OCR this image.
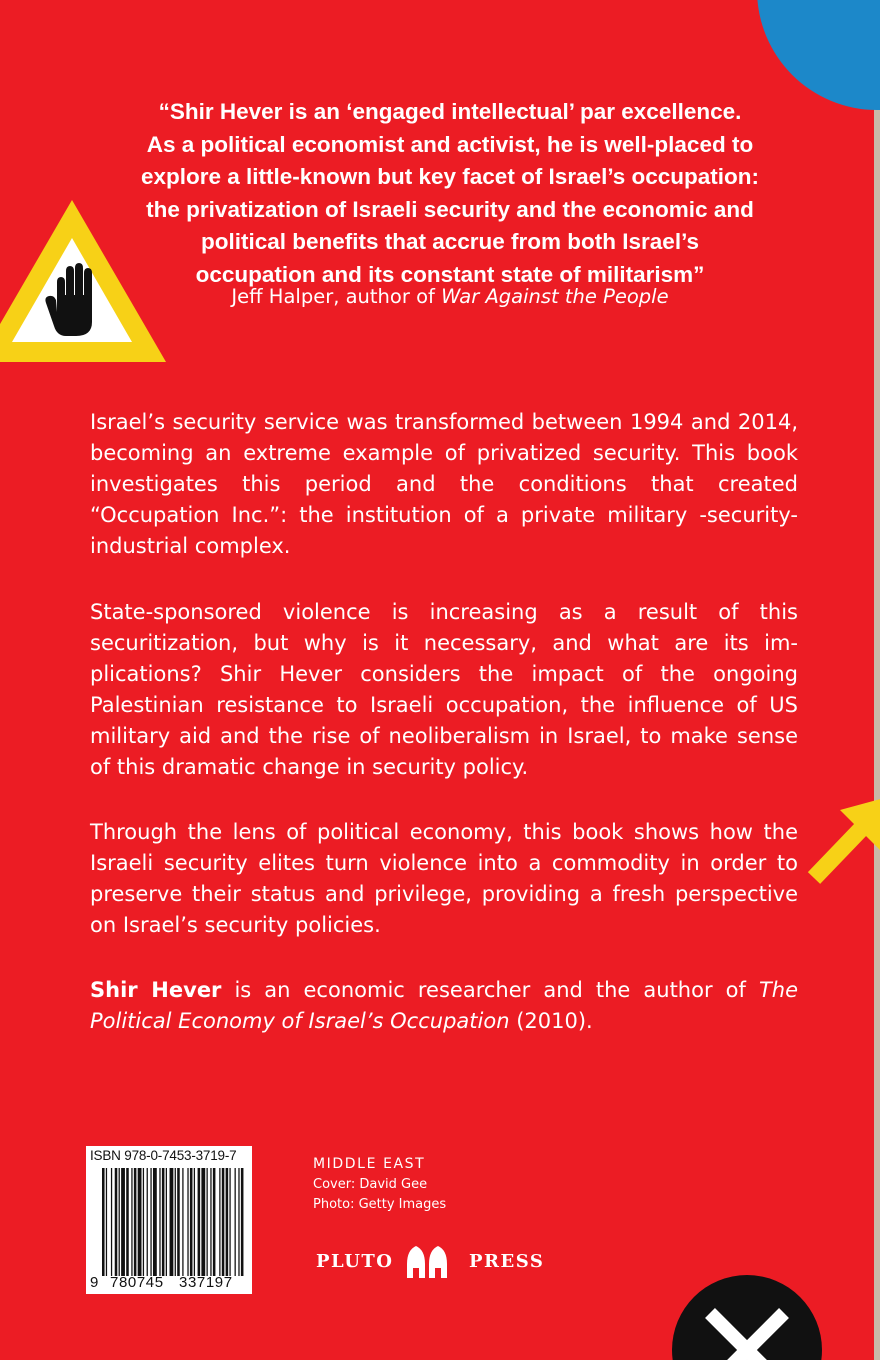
“Shir Hever is an ‘engaged intellectual’ par excellence.
As a political economist and activist, he is well-placed to
explore a little-known but key facet of Israel’s occupation:
the privatization of Israeli security and the economic and
political benefits that accrue from both Israel’s
occupation and its constant state of militarism”

Jeff Halper, author of War Against the People

Israel’s security service was transformed between 1994 and 2014, becoming an extreme example of privatized security. This book investigates this period and the conditions that created “Occupation Inc.”: the institution of a private military -security-industrial complex.

State-sponsored violence is increasing as a result of this securitization, but why is it necessary, and what are its im-plications? Shir Hever considers the impact of the ongoing Palestinian resistance to Israeli occupation, the influence of US military aid and the rise of neoliberalism in Israel, to make sense of this dramatic change in security policy.

Through the lens of political economy, this book shows how the Israeli security elites turn violence into a commodity in order to preserve their status and privilege, providing a fresh perspective on Israel’s security policies.

Shir Hever is an economic researcher and the author of The Political Economy of Israel’s Occupation (2010).

ISBN 978-0-7453-3719-7
9 780745 337197

MIDDLE EAST

Cover: David Gee

Photo: Getty Images

PLUTO	PRESS
